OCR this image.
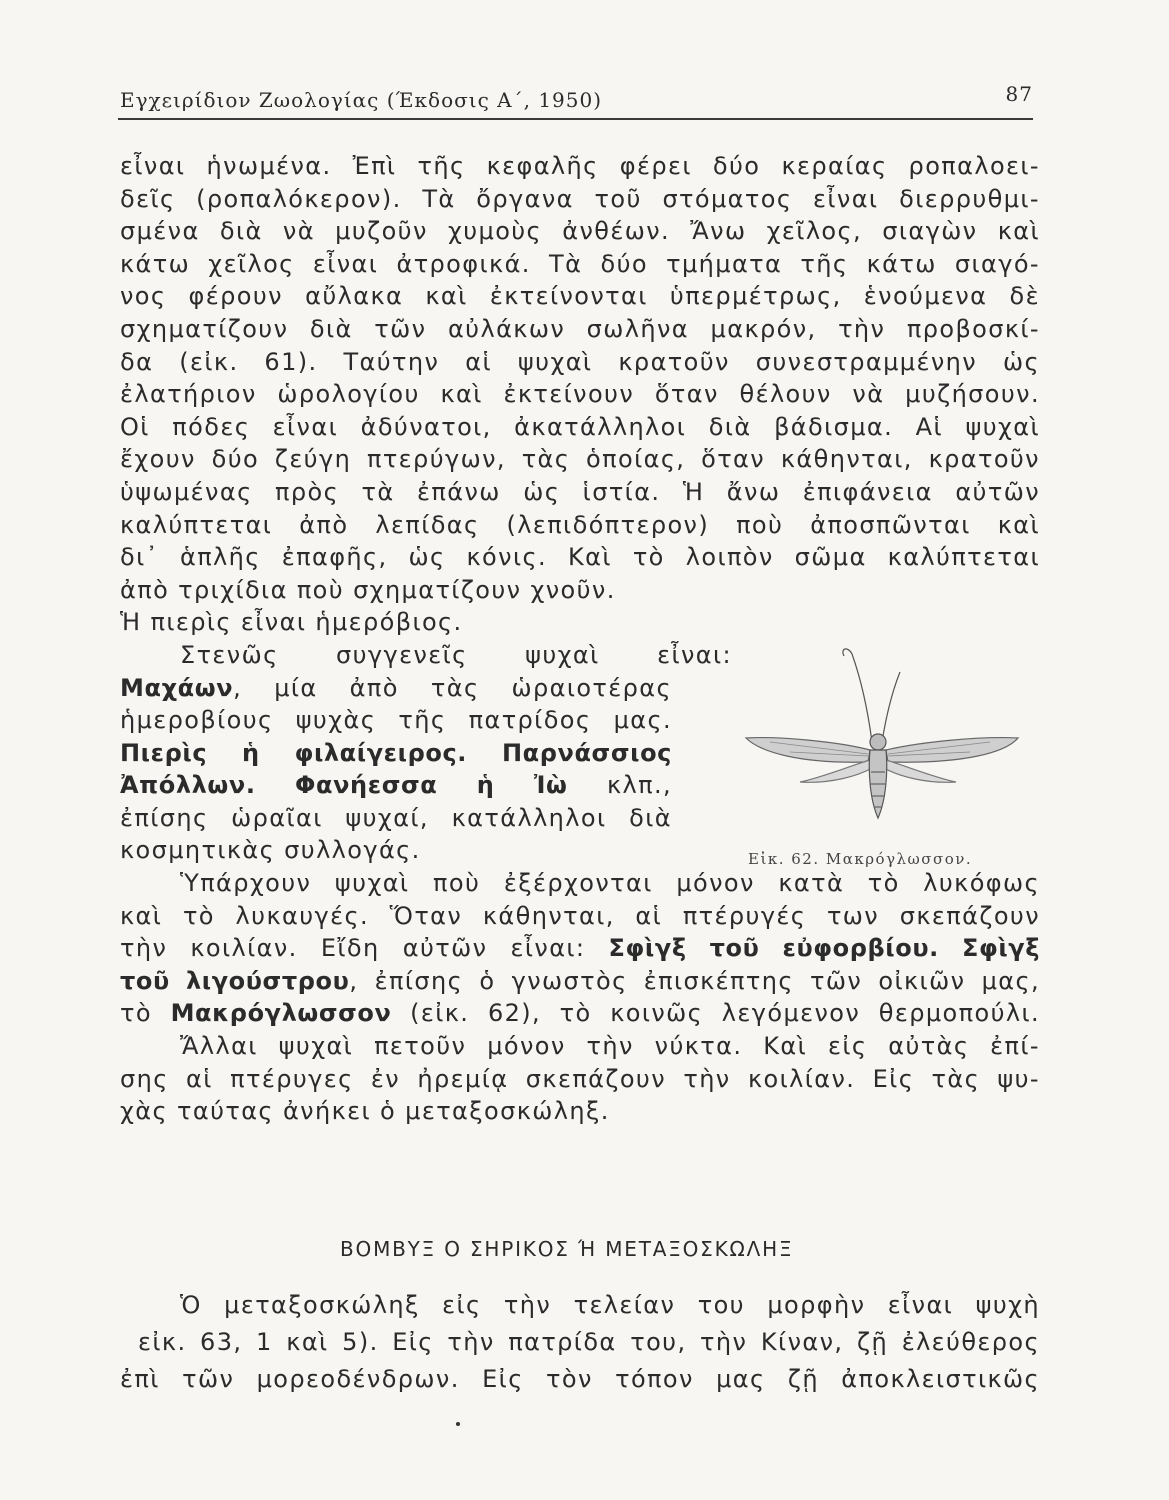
Εγχειρίδιον Ζωολογίας (Έκδοσις Α΄, 1950)	87
εἶναι ἡνωμένα. Ἐπὶ τῆς κεφαλῆς φέρει δύο κεραίας ροπαλοει-
δεῖς (ροπαλόκερον). Τὰ ὄργανα τοῦ στόματος εἶναι διερρυθμι-
σμένα διὰ νὰ μυζοῦν χυμοὺς ἀνθέων. Ἄνω χεῖλος, σιαγὼν καὶ
κάτω χεῖλος εἶναι ἀτροφικά. Τὰ δύο τμήματα τῆς κάτω σιαγό-
νος φέρουν αὔλακα καὶ ἐκτείνονται ὑπερμέτρως, ἑνούμενα δὲ
σχηματίζουν διὰ τῶν αὐλάκων σωλῆνα μακρόν, τὴν προβοσκί-
δα (εἰκ. 61). Ταύτην αἱ ψυχαὶ κρατοῦν συνεστραμμένην ὡς
ἐλατήριον ὡρολογίου καὶ ἐκτείνουν ὅταν θέλουν νὰ μυζήσουν.
Οἱ πόδες εἶναι ἀδύνατοι, ἀκατάλληλοι διὰ βάδισμα. Αἱ ψυχαὶ
ἔχουν δύο ζεύγη πτερύγων, τὰς ὁποίας, ὅταν κάθηνται, κρατοῦν
ὑψωμένας πρὸς τὰ ἐπάνω ὡς ἱστία. Ἡ ἄνω ἐπιφάνεια αὐτῶν
καλύπτεται ἀπὸ λεπίδας (λεπιδόπτερον) ποὺ ἀποσπῶνται καὶ
δι᾿ ἁπλῆς ἐπαφῆς, ὡς κόνις. Καὶ τὸ λοιπὸν σῶμα καλύπτεται
ἀπὸ τριχίδια ποὺ σχηματίζουν χνοῦν.
Ἡ πιερὶς εἶναι ἡμερόβιος.
Στενῶς συγγενεῖς ψυχαὶ εἶναι:
Μαχάων, μία ἀπὸ τὰς ὡραιοτέρας
ἡμεροβίους ψυχὰς τῆς πατρίδος μας.
Πιερὶς ἡ φιλαίγειρος. Παρνάσσιος
Ἀπόλλων. Φανήεσσα ἡ Ἰὼ κλπ.,
ἐπίσης ὡραῖαι ψυχαί, κατάλληλοι διὰ
κοσμητικὰς συλλογάς.
Ὑπάρχουν ψυχαὶ ποὺ ἐξέρχονται μόνον κατὰ τὸ λυκόφως
καὶ τὸ λυκαυγές. Ὅταν κάθηνται, αἱ πτέρυγές των σκεπάζουν
τὴν κοιλίαν. Εἴδη αὐτῶν εἶναι: Σφὶγξ τοῦ εὐφορβίου. Σφὶγξ
τοῦ λιγούστρου, ἐπίσης ὁ γνωστὸς ἐπισκέπτης τῶν οἰκιῶν μας,
τὸ Μακρόγλωσσον (εἰκ. 62), τὸ κοινῶς λεγόμενον θερμοπούλι.
Ἄλλαι ψυχαὶ πετοῦν μόνον τὴν νύκτα. Καὶ εἰς αὐτὰς ἐπί-
σης αἱ πτέρυγες ἐν ἠρεμίᾳ σκεπάζουν τὴν κοιλίαν. Εἰς τὰς ψυ-
χὰς ταύτας ἀνήκει ὁ μεταξοσκώληξ.
Εἰκ. 62. Μακρόγλωσσον.
ΒΟΜΒΥΞ Ο ΣΗΡΙΚΟΣ Ή ΜΕΤΑΞΟΣΚΩΛΗΞ
Ὁ μεταξοσκώληξ εἰς τὴν τελείαν του μορφὴν εἶναι ψυχὴ
εἰκ. 63, 1 καὶ 5). Εἰς τὴν πατρίδα του, τὴν Κίναν, ζῇ ἐλεύθερος
ἐπὶ τῶν μορεοδένδρων. Εἰς τὸν τόπον μας ζῇ ἀποκλειστικῶς
